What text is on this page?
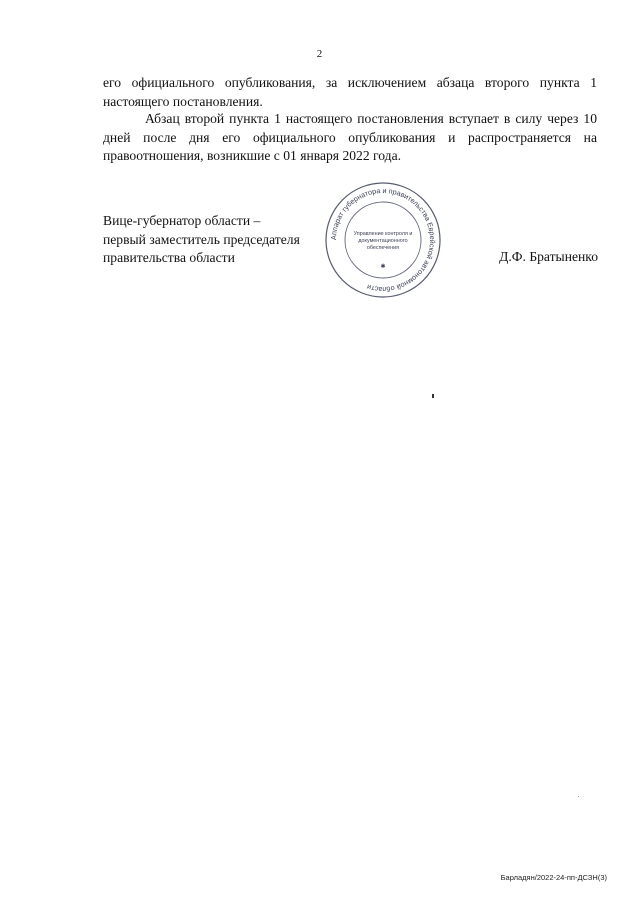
2

его официального опубликования, за исключением абзаца второго пункта 1 настоящего постановления.

Абзац второй пункта 1 настоящего постановления вступает в силу через 10 дней после дня его официального опубликования и распространяется на правоотношения, возникшие с 01 января 2022 года.

Вице-губернатор области –
первый заместитель председателя
правительства области
Аппарат губернатора и правительства Еврейской автономной области
Управление контроля и
документационного
обеспечения
✱
Д.Ф. Братыненко
Барладян/2022-24-пп-ДСЗН(3)
